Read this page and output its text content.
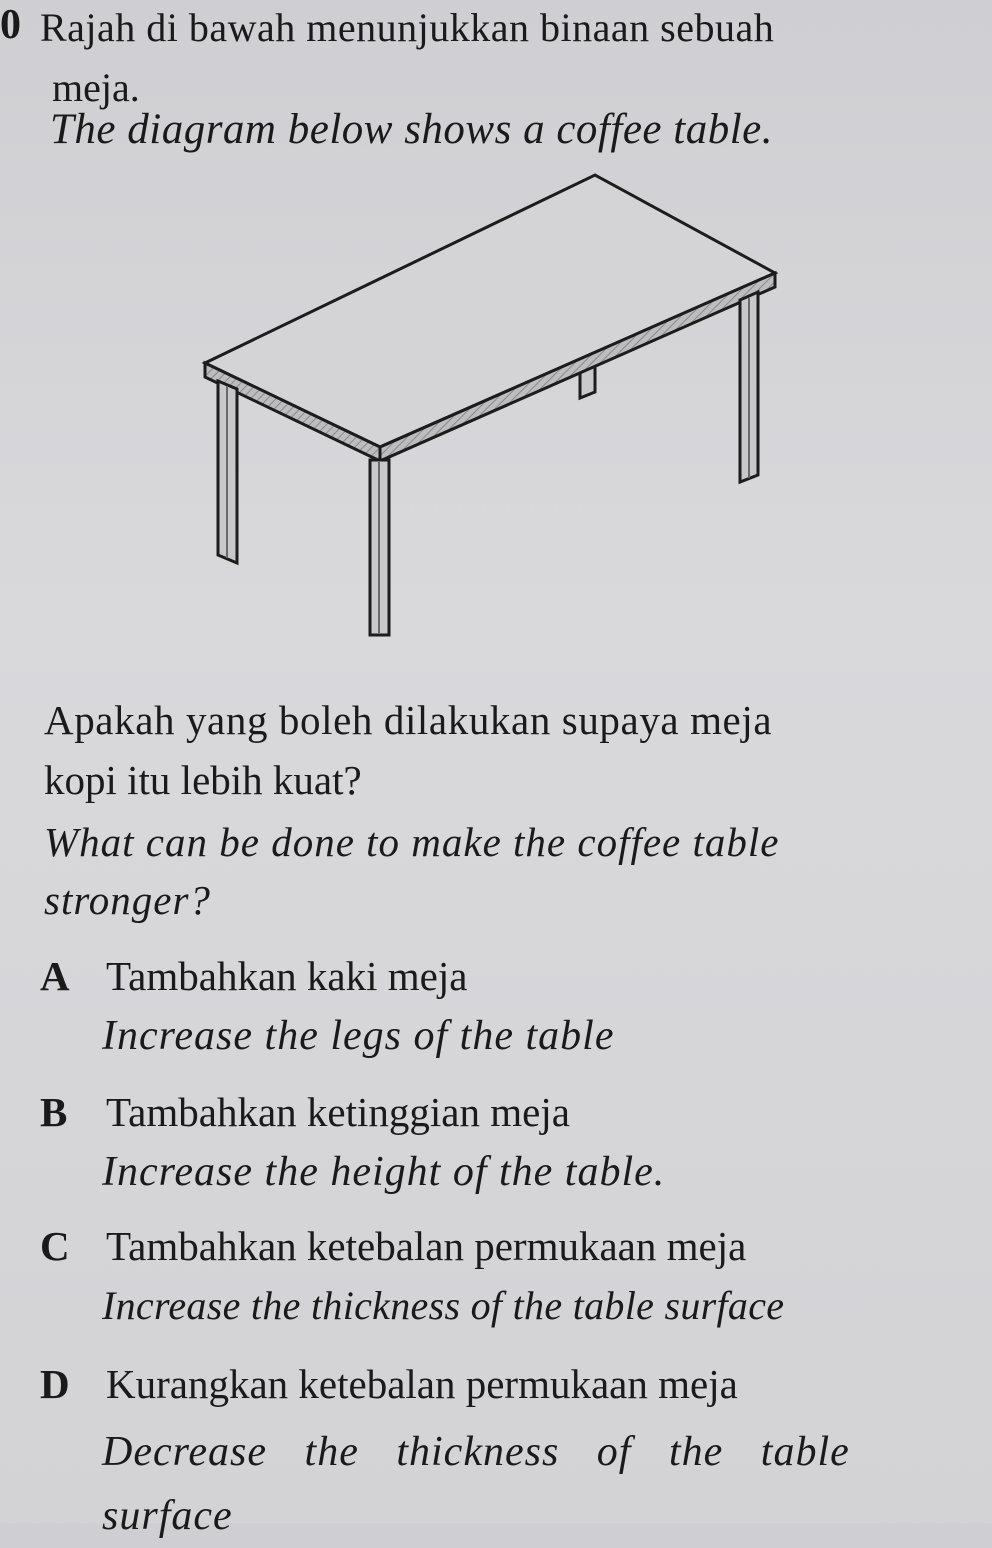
0 Rajah di bawah menunjukkan binaan sebuah
meja.
The diagram below shows a coffee table.
Apakah yang boleh dilakukan supaya meja
kopi itu lebih kuat?
What can be done to make the coffee table
stronger?
A Tambahkan kaki meja
Increase the legs of the table
B Tambahkan ketinggian meja
Increase the height of the table.
C Tambahkan ketebalan permukaan meja
Increase the thickness of the table surface
D Kurangkan ketebalan permukaan meja
Decrease the thickness of the table
surface
